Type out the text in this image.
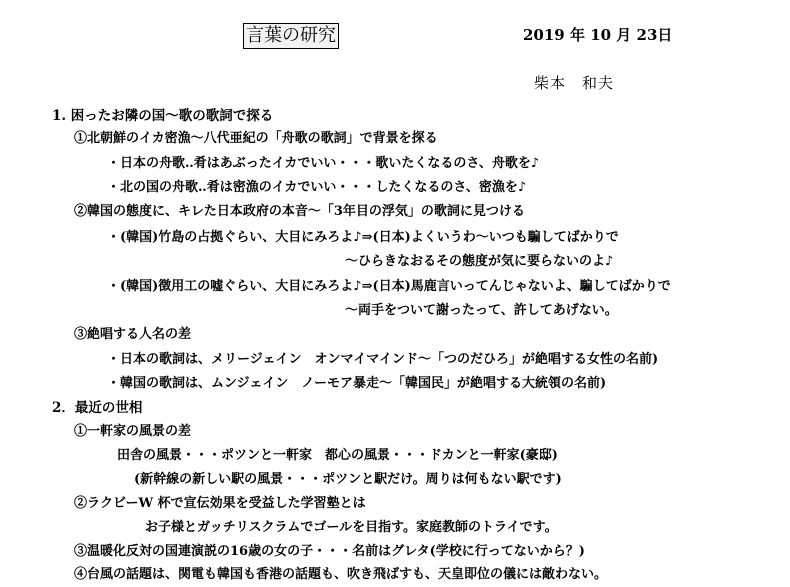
言葉の研究	2019 年 10 月 23日
柴本　和夫
1. 困ったお隣の国～歌の歌詞で探る
①北朝鮮のイカ密漁～八代亜紀の「舟歌の歌詞」で背景を探る
・日本の舟歌‥肴はあぶったイカでいい・・・歌いたくなるのさ、舟歌を♪
・北の国の舟歌‥肴は密漁のイカでいい・・・したくなるのさ、密漁を♪
②韓国の態度に、キレた日本政府の本音～「3年目の浮気」の歌詞に見つける
・(韓国)竹島の占拠ぐらい、大目にみろよ♪⇒(日本)よくいうわ～いつも騙してばかりで
～ひらきなおるその態度が気に要らないのよ♪
・(韓国)徴用工の嘘ぐらい、大目にみろよ♪⇒(日本)馬鹿言いってんじゃないよ、騙してばかりで
～両手をついて謝ったって、許してあげない。
③絶唱する人名の差
・日本の歌詞は、メリージェイン　オンマイマインド～「つのだひろ」が絶唱する女性の名前)
・韓国の歌詞は、ムンジェイン　ノーモア暴走～「韓国民」が絶唱する大統領の名前)
2．最近の世相
①一軒家の風景の差
田舎の風景・・・ポツンと一軒家　都心の風景・・・ドカンと一軒家(豪邸)
(新幹線の新しい駅の風景・・・ポツンと駅だけ。周りは何もない駅です)
②ラクビーW 杯で宣伝効果を受益した学習塾とは
お子様とガッチリスクラムでゴールを目指す。家庭教師のトライです。
③温暖化反対の国連演説の16歳の女の子・・・名前はグレタ(学校に行ってないから？)
④台風の話題は、関電も韓国も香港の話題も、吹き飛ばすも、天皇即位の儀には敵わない。
